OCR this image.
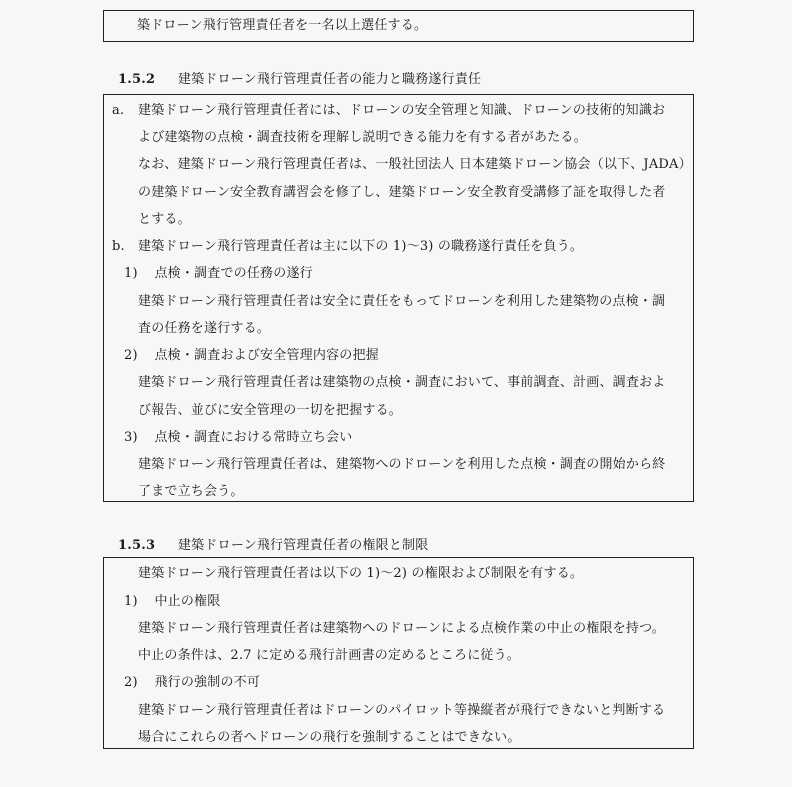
築ドローン飛行管理責任者を一名以上選任する。
1.5.2 建築ドローン飛行管理責任者の能力と職務遂行責任
a. 建築ドローン飛行管理責任者には、ドローンの安全管理と知識、ドローンの技術的知識お
よび建築物の点検・調査技術を理解し説明できる能力を有する者があたる。
なお、建築ドローン飛行管理責任者は、一般社団法人 日本建築ドローン協会（以下、JADA）
の建築ドローン安全教育講習会を修了し、建築ドローン安全教育受講修了証を取得した者
とする。
b. 建築ドローン飛行管理責任者は主に以下の 1)～3) の職務遂行責任を負う。
1) 点検・調査での任務の遂行
建築ドローン飛行管理責任者は安全に責任をもってドローンを利用した建築物の点検・調
査の任務を遂行する。
2) 点検・調査および安全管理内容の把握
建築ドローン飛行管理責任者は建築物の点検・調査において、事前調査、計画、調査およ
び報告、並びに安全管理の一切を把握する。
3) 点検・調査における常時立ち会い
建築ドローン飛行管理責任者は、建築物へのドローンを利用した点検・調査の開始から終
了まで立ち会う。
1.5.3 建築ドローン飛行管理責任者の権限と制限
建築ドローン飛行管理責任者は以下の 1)～2) の権限および制限を有する。
1) 中止の権限
建築ドローン飛行管理責任者は建築物へのドローンによる点検作業の中止の権限を持つ。
中止の条件は、2.7 に定める飛行計画書の定めるところに従う。
2) 飛行の強制の不可
建築ドローン飛行管理責任者はドローンのパイロット等操縦者が飛行できないと判断する
場合にこれらの者へドローンの飛行を強制することはできない。
